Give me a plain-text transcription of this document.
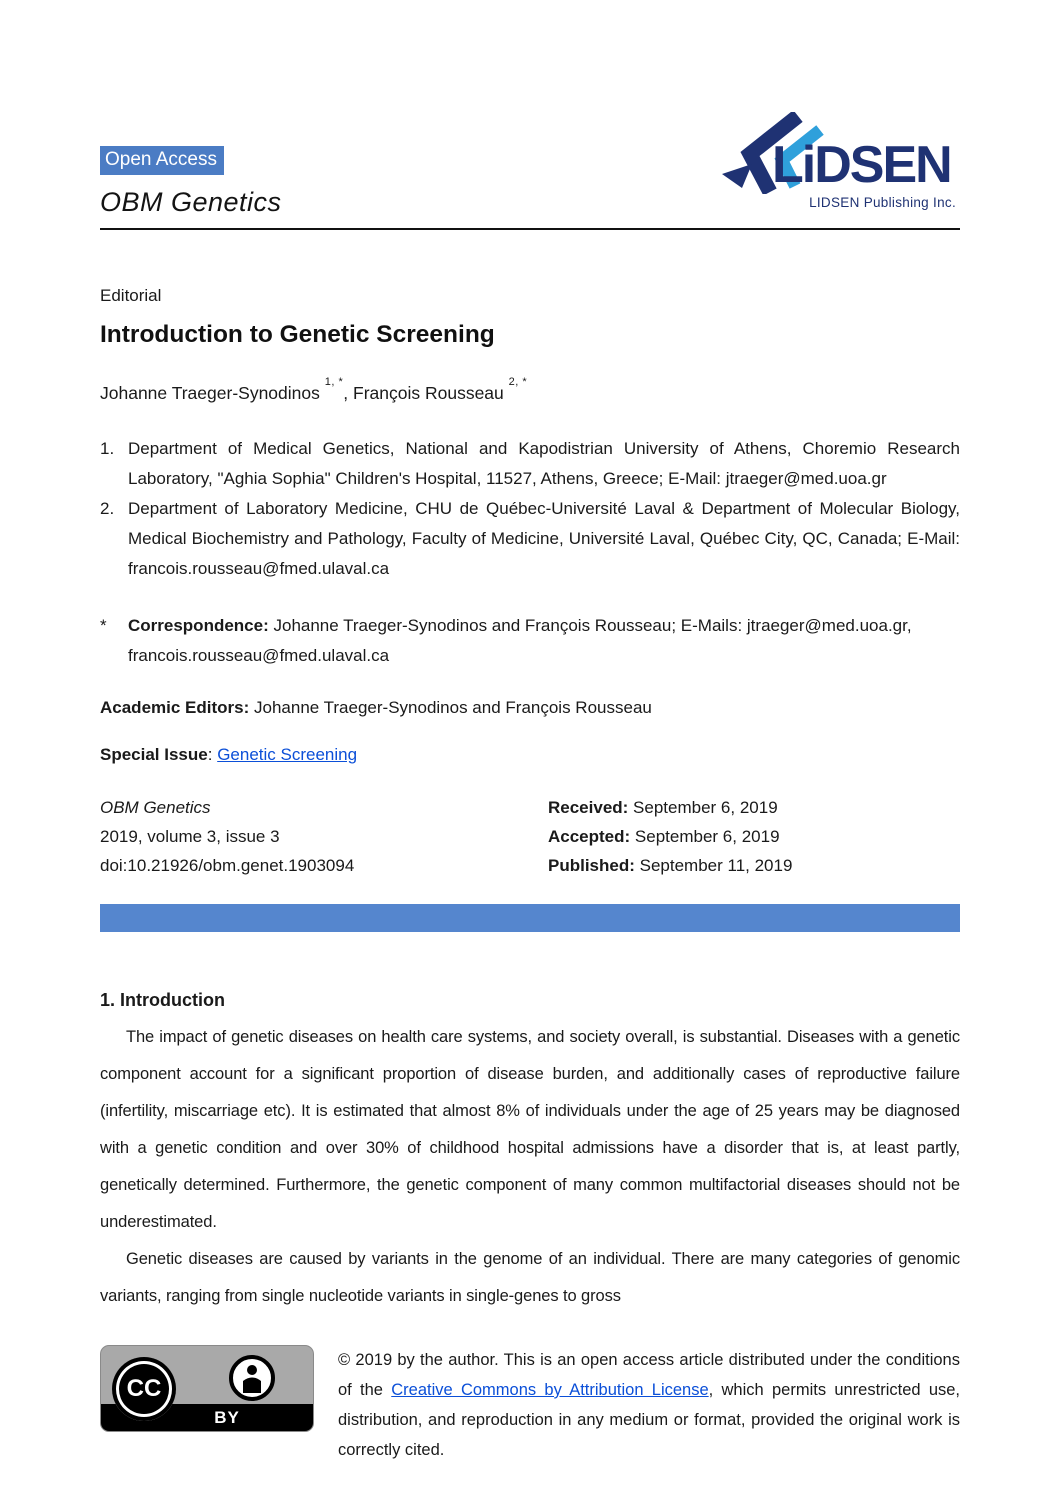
Open Access
OBM Genetics
LiDSEN
LIDSEN Publishing Inc.
Editorial
Introduction to Genetic Screening
Johanne Traeger-Synodinos $^{1, *}$, François Rousseau $^{2, *}$
1. Department of Medical Genetics, National and Kapodistrian University of Athens, Choremio Research Laboratory, "Aghia Sophia" Children's Hospital, 11527, Athens, Greece; E-Mail: jtraeger@med.uoa.gr
2. Department of Laboratory Medicine, CHU de Québec-Université Laval & Department of Molecular Biology, Medical Biochemistry and Pathology, Faculty of Medicine, Université Laval, Québec City, QC, Canada; E-Mail: francois.rousseau@fmed.ulaval.ca
*	Correspondence: Johanne Traeger-Synodinos and François Rousseau; E-Mails: jtraeger@med.uoa.gr, francois.rousseau@fmed.ulaval.ca
Academic Editors: Johanne Traeger-Synodinos and François Rousseau
Special Issue: Genetic Screening
OBM Genetics
2019, volume 3, issue 3
doi:10.21926/obm.genet.1903094
Received: September 6, 2019
Accepted: September 6, 2019
Published: September 11, 2019
1. Introduction

The impact of genetic diseases on health care systems, and society overall, is substantial. Diseases with a genetic component account for a significant proportion of disease burden, and additionally cases of reproductive failure (infertility, miscarriage etc). It is estimated that almost 8% of individuals under the age of 25 years may be diagnosed with a genetic condition and over 30% of childhood hospital admissions have a disorder that is, at least partly, genetically determined. Furthermore, the genetic component of many common multifactorial diseases should not be underestimated.

Genetic diseases are caused by variants in the genome of an individual. There are many categories of genomic variants, ranging from single nucleotide variants in single-genes to gross

CC
BY
© 2019 by the author. This is an open access article distributed under the conditions of the Creative Commons by Attribution License, which permits unrestricted use, distribution, and reproduction in any medium or format, provided the original work is correctly cited.
